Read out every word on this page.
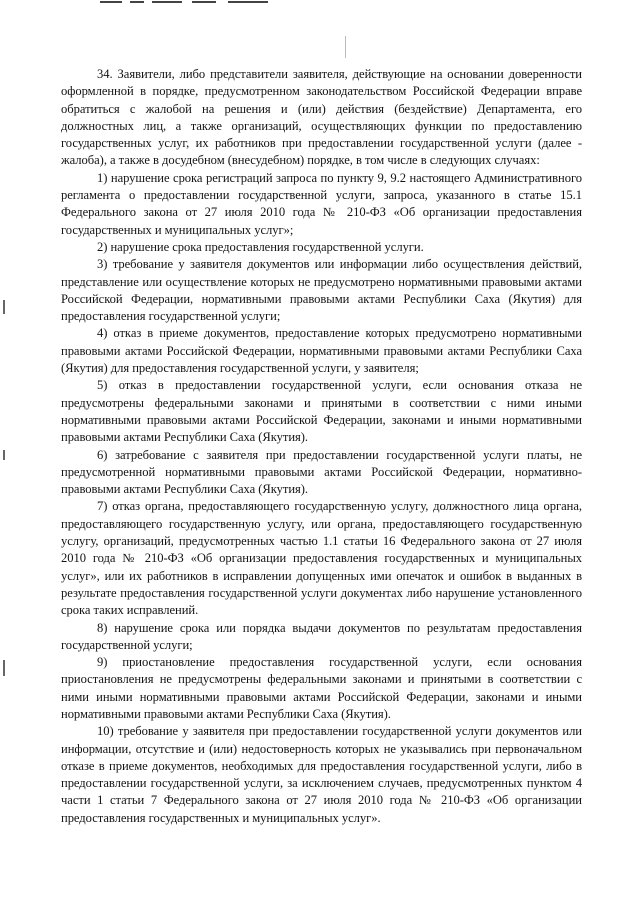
34. Заявители, либо представители заявителя, действующие на основании доверенности оформленной в порядке, предусмотренном законодательством Российской Федерации вправе обратиться с жалобой на решения и (или) действия (бездействие) Департамента, его должностных лиц, а также организаций, осуществляющих функции по предоставлению государственных услуг, их работников при предоставлении государственной услуги (далее - жалоба), а также в досудебном (внесудебном) порядке, в том числе в следующих случаях:

1) нарушение срока регистраций запроса по пункту 9, 9.2 настоящего Административного регламента о предоставлении государственной услуги, запроса, указанного в статье 15.1 Федерального закона от 27 июля 2010 года № 210-ФЗ «Об организации предоставления государственных и муниципальных услуг»;

2) нарушение срока предоставления государственной услуги.

3) требование у заявителя документов или информации либо осуществления действий, представление или осуществление которых не предусмотрено нормативными правовыми актами Российской Федерации, нормативными правовыми актами Республики Саха (Якутия) для предоставления государственной услуги;

4) отказ в приеме документов, предоставление которых предусмотрено нормативными правовыми актами Российской Федерации, нормативными правовыми актами Республики Саха (Якутия) для предоставления государственной услуги, у заявителя;

5) отказ в предоставлении государственной услуги, если основания отказа не предусмотрены федеральными законами и принятыми в соответствии с ними иными нормативными правовыми актами Российской Федерации, законами и иными нормативными правовыми актами Республики Саха (Якутия).

6) затребование с заявителя при предоставлении государственной услуги платы, не предусмотренной нормативными правовыми актами Российской Федерации, нормативно-правовыми актами Республики Саха (Якутия).

7) отказ органа, предоставляющего государственную услугу, должностного лица органа, предоставляющего государственную услугу, или органа, предоставляющего государственную услугу, организаций, предусмотренных частью 1.1 статьи 16 Федерального закона от 27 июля 2010 года № 210-ФЗ «Об организации предоставления государственных и муниципальных услуг», или их работников в исправлении допущенных ими опечаток и ошибок в выданных в результате предоставления государственной услуги документах либо нарушение установленного срока таких исправлений.

8) нарушение срока или порядка выдачи документов по результатам предоставления государственной услуги;

9) приостановление предоставления государственной услуги, если основания приостановления не предусмотрены федеральными законами и принятыми в соответствии с ними иными нормативными правовыми актами Российской Федерации, законами и иными нормативными правовыми актами Республики Саха (Якутия).

10) требование у заявителя при предоставлении государственной услуги документов или информации, отсутствие и (или) недостоверность которых не указывались при первоначальном отказе в приеме документов, необходимых для предоставления государственной услуги, либо в предоставлении государственной услуги, за исключением случаев, предусмотренных пунктом 4 части 1 статьи 7 Федерального закона от 27 июля 2010 года № 210-ФЗ «Об организации предоставления государственных и муниципальных услуг».
